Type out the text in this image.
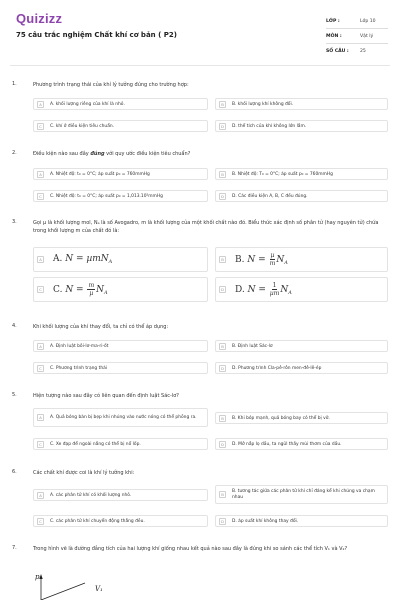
Quizizz
75 câu trắc nghiệm Chất khí cơ bản ( P2)
LỚP :	Lớp 10
MÔN :	Vật lý
SỐ CÂU :	25
1.	Phương trình trạng thái của khí lý tưởng đúng cho trường hợp:
A	A. khối lượng riêng của khí là nhỏ.	B	B. khối lượng khí không đổi.
C	C. khí ở điều kiện tiêu chuẩn.	D	D. thể tích của khí không lớn lắm.
2.	Điều kiện nào sau đây đúng với quy ước điều kiện tiêu chuẩn?
A	A. Nhiệt độ: t₀ = 0°C; áp suất p₀ = 760mmHg	B	B. Nhiệt độ: T₀ = 0°C; áp suất p₀ = 760mmHg
C	C. Nhiệt độ: t₀ = 0°C; áp suất p₀ = 1,013.10⁵mmHg	D	D. Các điều kiện A, B, C đều đúng.
3.	Gọi µ là khối lượng mol, Nₐ là số Avogadro, m là khối lượng của một khối chất nào đó. Biểu thức xác định số phân tử (hay nguyên tử) chứa trong khối lượng m của chất đó là:
A A. N = µmN$_A$	B B. $N = \frac{\text{µ}}{m} N_A$
C C. $N = \frac{m}{\text{µ}} N_A$
D D. $N = \frac{1}{\text{µm}} N_A$
4.	Khi khối lượng của khí thay đổi, ta chỉ có thể áp dụng:
A	A. Định luật bôi-lơ-ma-ri-ốt	B	B. Định luật Sác-lơ
C	C. Phương trình trạng thái	D	D. Phương trình Cla-pê-rôn men-đê-lê-ép
5.	Hiện tượng nào sau đây có liên quan đến định luật Sác-lơ?
A	A. Quả bóng bàn bị bẹp khi nhúng vào nước nóng có thể phồng ra.	B	B. Khi bóp mạnh, quả bóng bay có thể bị vỡ.
C	C. Xe đạp để ngoài nắng có thể bị nổ lốp.	D	D. Mở nắp lọ dầu, ta ngửi thấy mùi thơm của dầu.
6.	Các chất khí được coi là khí lý tưởng khi:
A	A. các phân tử khí có khối lượng nhỏ.	B
B. tương tác giữa các phân tử khí chỉ đáng kể khi chúng va chạm nhau
C	C. các phân tử khí chuyển động thẳng đều.	D	D. áp suất khí không thay đổi.
7.	Trong hình vẽ là đường đẳng tích của hai lượng khí giống nhau kết quả nào sau đây là đúng khi so sánh các thể tích V₁ và V₂?
p
V₁
